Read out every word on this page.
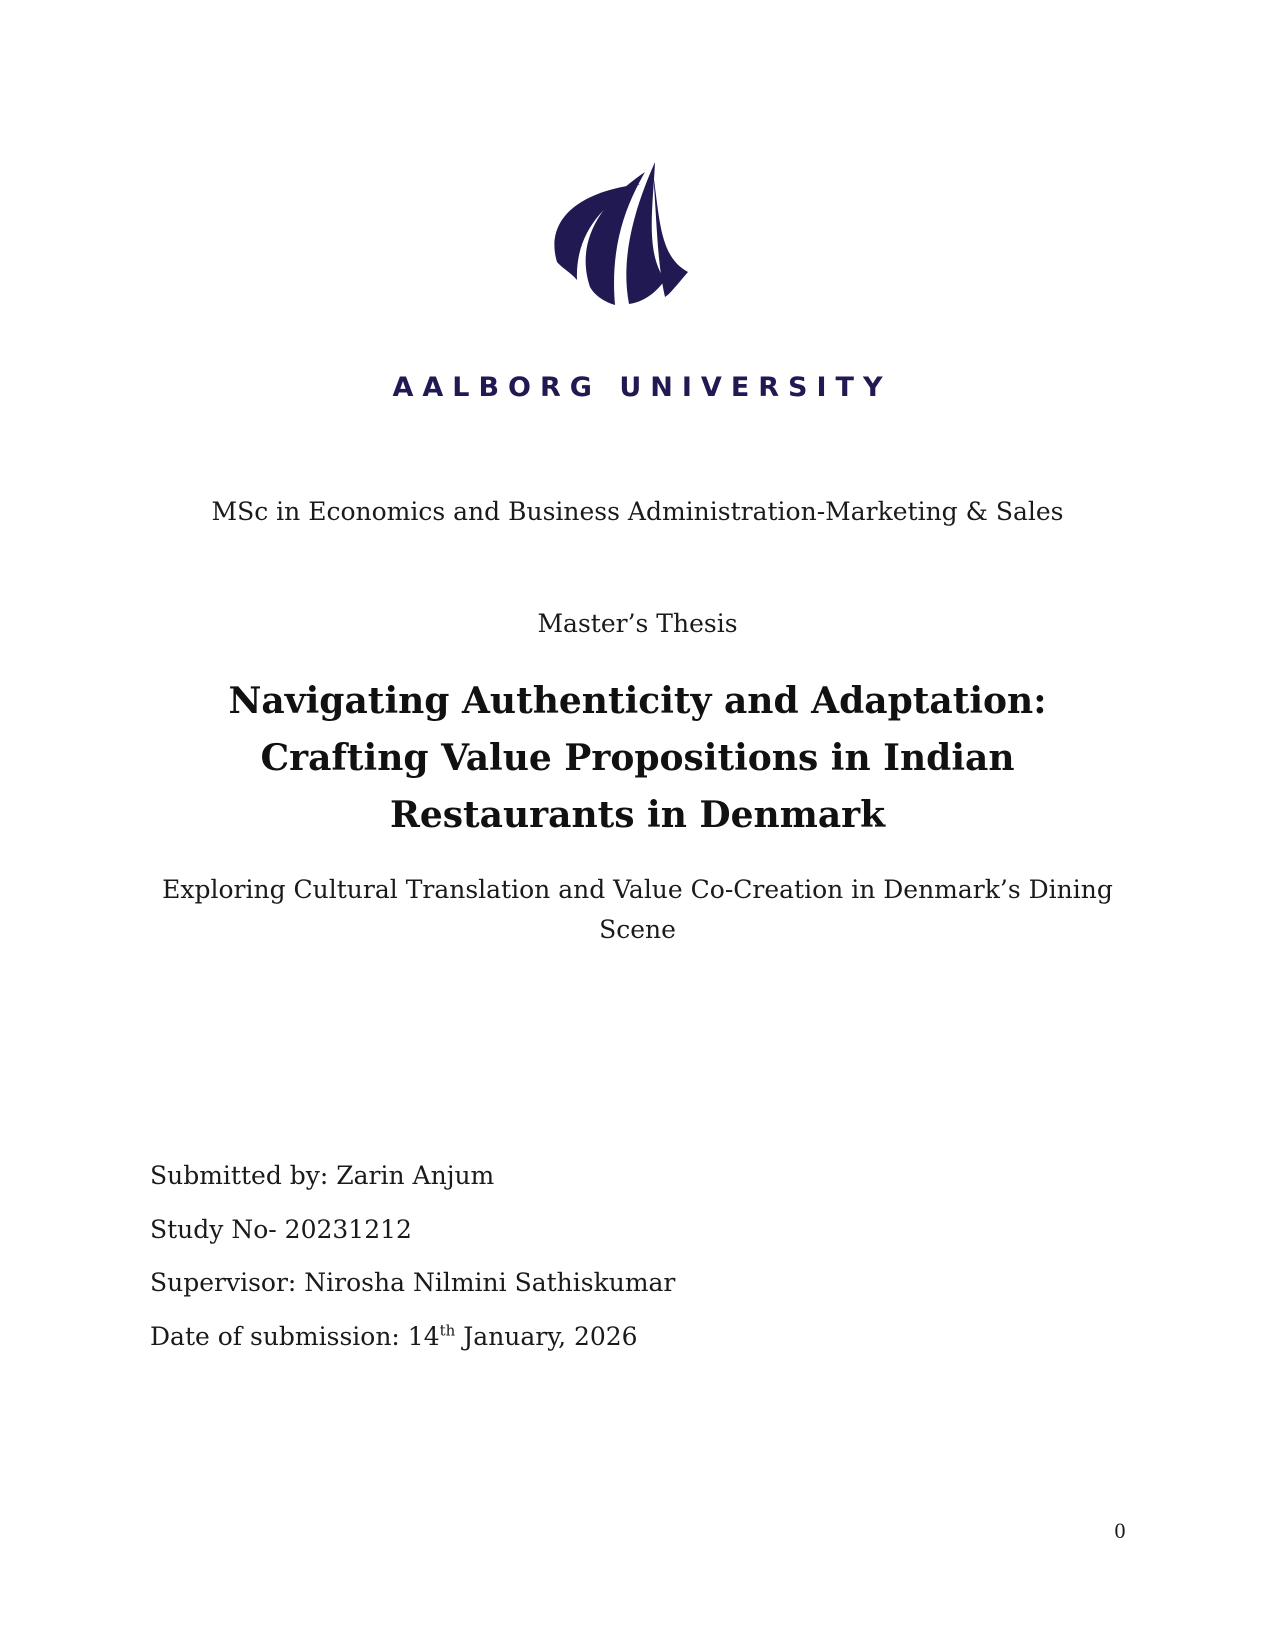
AALBORG UNIVERSITY
MSc in Economics and Business Administration-Marketing & Sales
Master’s Thesis
Navigating Authenticity and Adaptation: Crafting Value Propositions in Indian Restaurants in Denmark
Exploring Cultural Translation and Value Co-Creation in Denmark’s Dining Scene
Submitted by: Zarin Anjum
Study No- 20231212
Supervisor: Nirosha Nilmini Sathiskumar
Date of submission: 14th January, 2026
0
